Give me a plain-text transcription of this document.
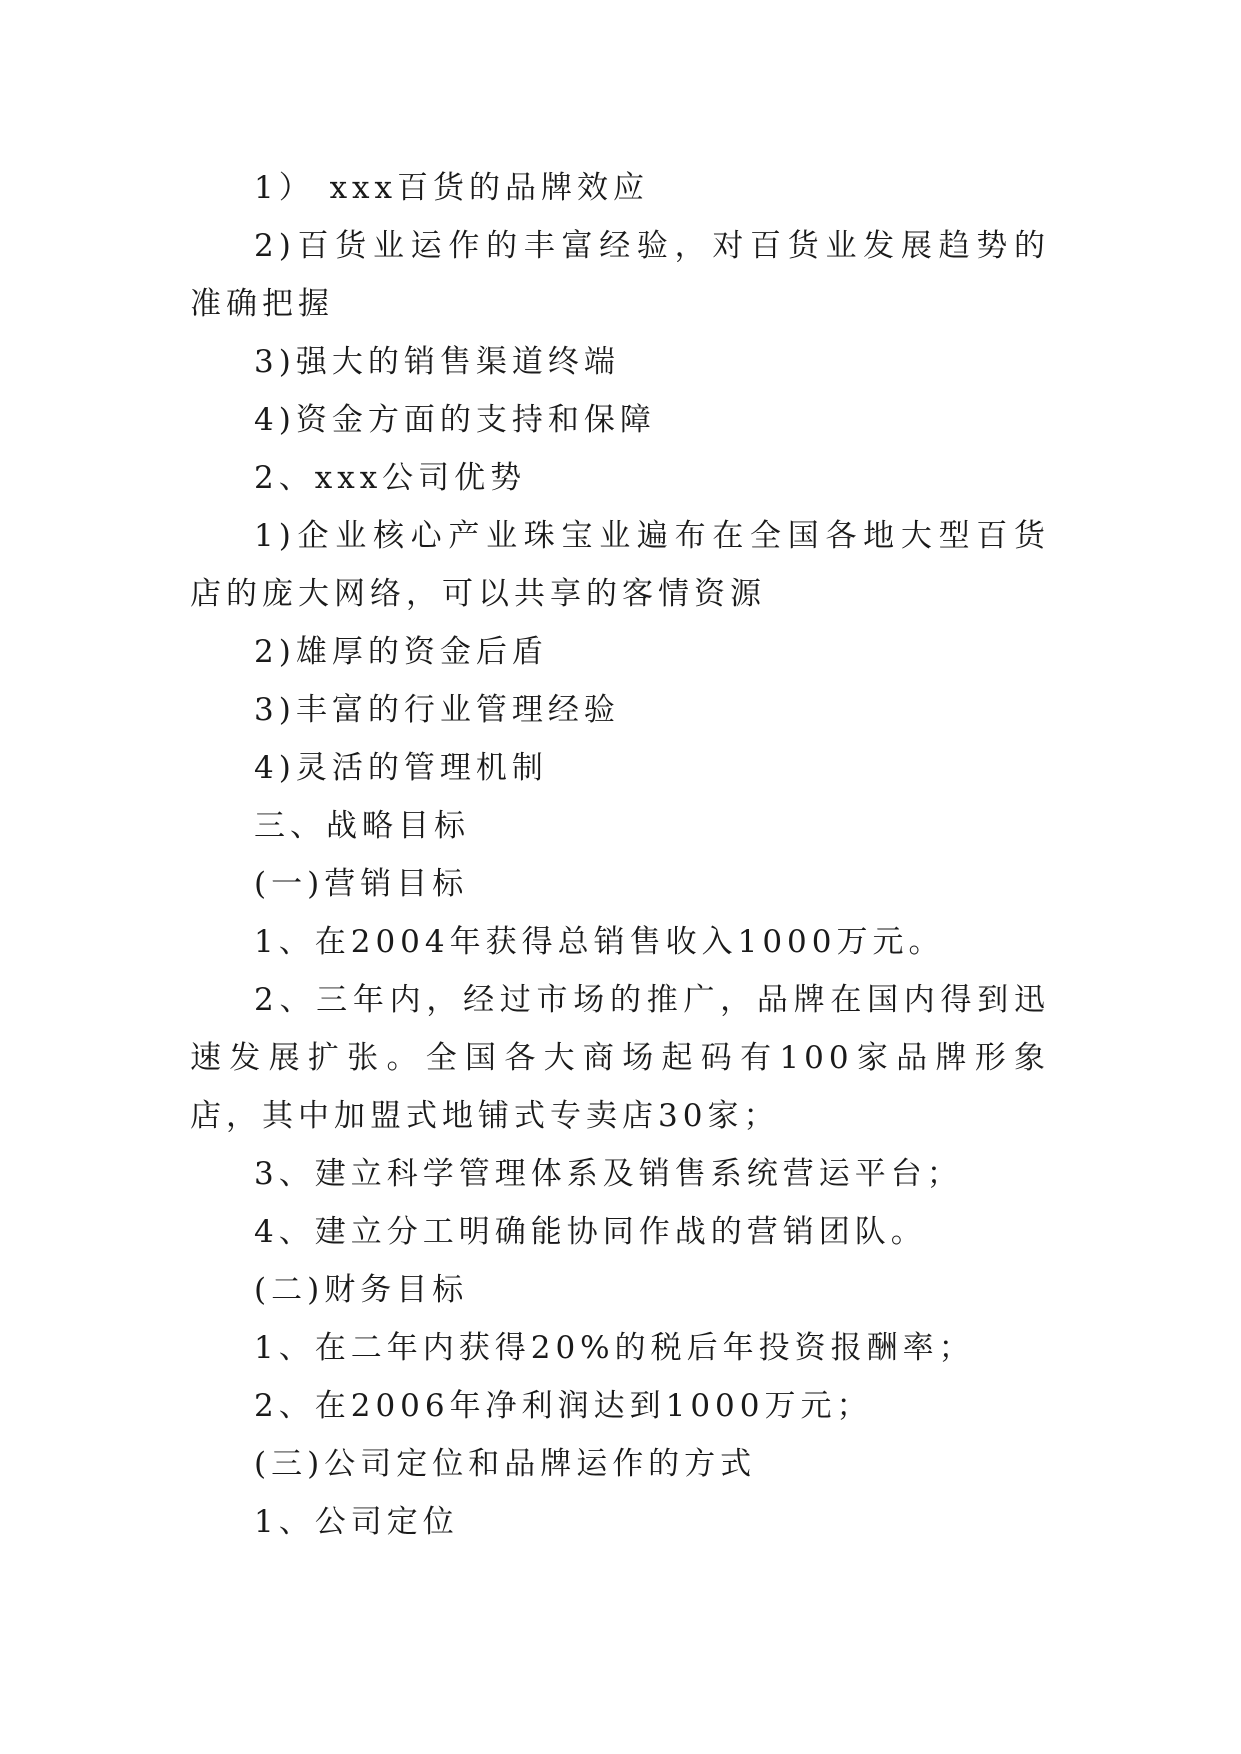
1） xxx百货的品牌效应

2)百货业运作的丰富经验，对百货业发展趋势的准确把握

3)强大的销售渠道终端

4)资金方面的支持和保障

2、xxx公司优势

1)企业核心产业珠宝业遍布在全国各地大型百货店的庞大网络，可以共享的客情资源

2)雄厚的资金后盾

3)丰富的行业管理经验

4)灵活的管理机制

三、战略目标

(一)营销目标

1、在2004年获得总销售收入1000万元。

2、三年内，经过市场的推广，品牌在国内得到迅速发展扩张。全国各大商场起码有100家品牌形象店，其中加盟式地铺式专卖店30家；

3、建立科学管理体系及销售系统营运平台；

4、建立分工明确能协同作战的营销团队。

(二)财务目标

1、在二年内获得20%的税后年投资报酬率；

2、在2006年净利润达到1000万元；

(三)公司定位和品牌运作的方式

1、公司定位
